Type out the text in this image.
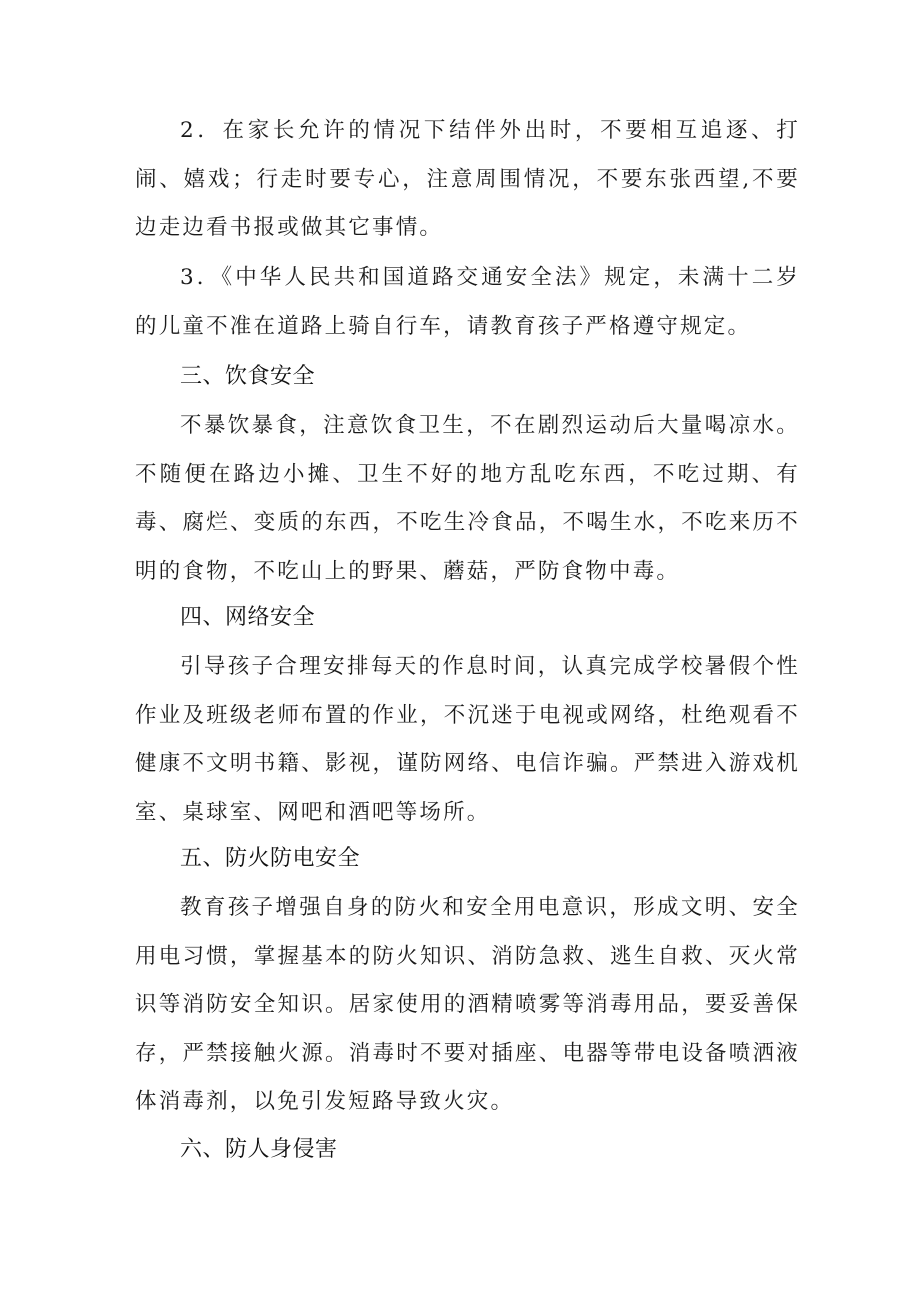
2．在家长允许的情况下结伴外出时，不要相互追逐、打闹、嬉戏；行走时要专心，注意周围情况，不要东张西望,不要边走边看书报或做其它事情。

3．《中华人民共和国道路交通安全法》规定，未满十二岁的儿童不准在道路上骑自行车，请教育孩子严格遵守规定。

三、饮食安全

不暴饮暴食，注意饮食卫生，不在剧烈运动后大量喝凉水。不随便在路边小摊、卫生不好的地方乱吃东西，不吃过期、有毒、腐烂、变质的东西，不吃生冷食品，不喝生水，不吃来历不明的食物，不吃山上的野果、蘑菇，严防食物中毒。

四、网络安全

引导孩子合理安排每天的作息时间，认真完成学校暑假个性作业及班级老师布置的作业，不沉迷于电视或网络，杜绝观看不健康不文明书籍、影视，谨防网络、电信诈骗。严禁进入游戏机室、桌球室、网吧和酒吧等场所。

五、防火防电安全

教育孩子增强自身的防火和安全用电意识，形成文明、安全用电习惯，掌握基本的防火知识、消防急救、逃生自救、灭火常识等消防安全知识。居家使用的酒精喷雾等消毒用品，要妥善保存，严禁接触火源。消毒时不要对插座、电器等带电设备喷洒液体消毒剂，以免引发短路导致火灾。

六、防人身侵害
